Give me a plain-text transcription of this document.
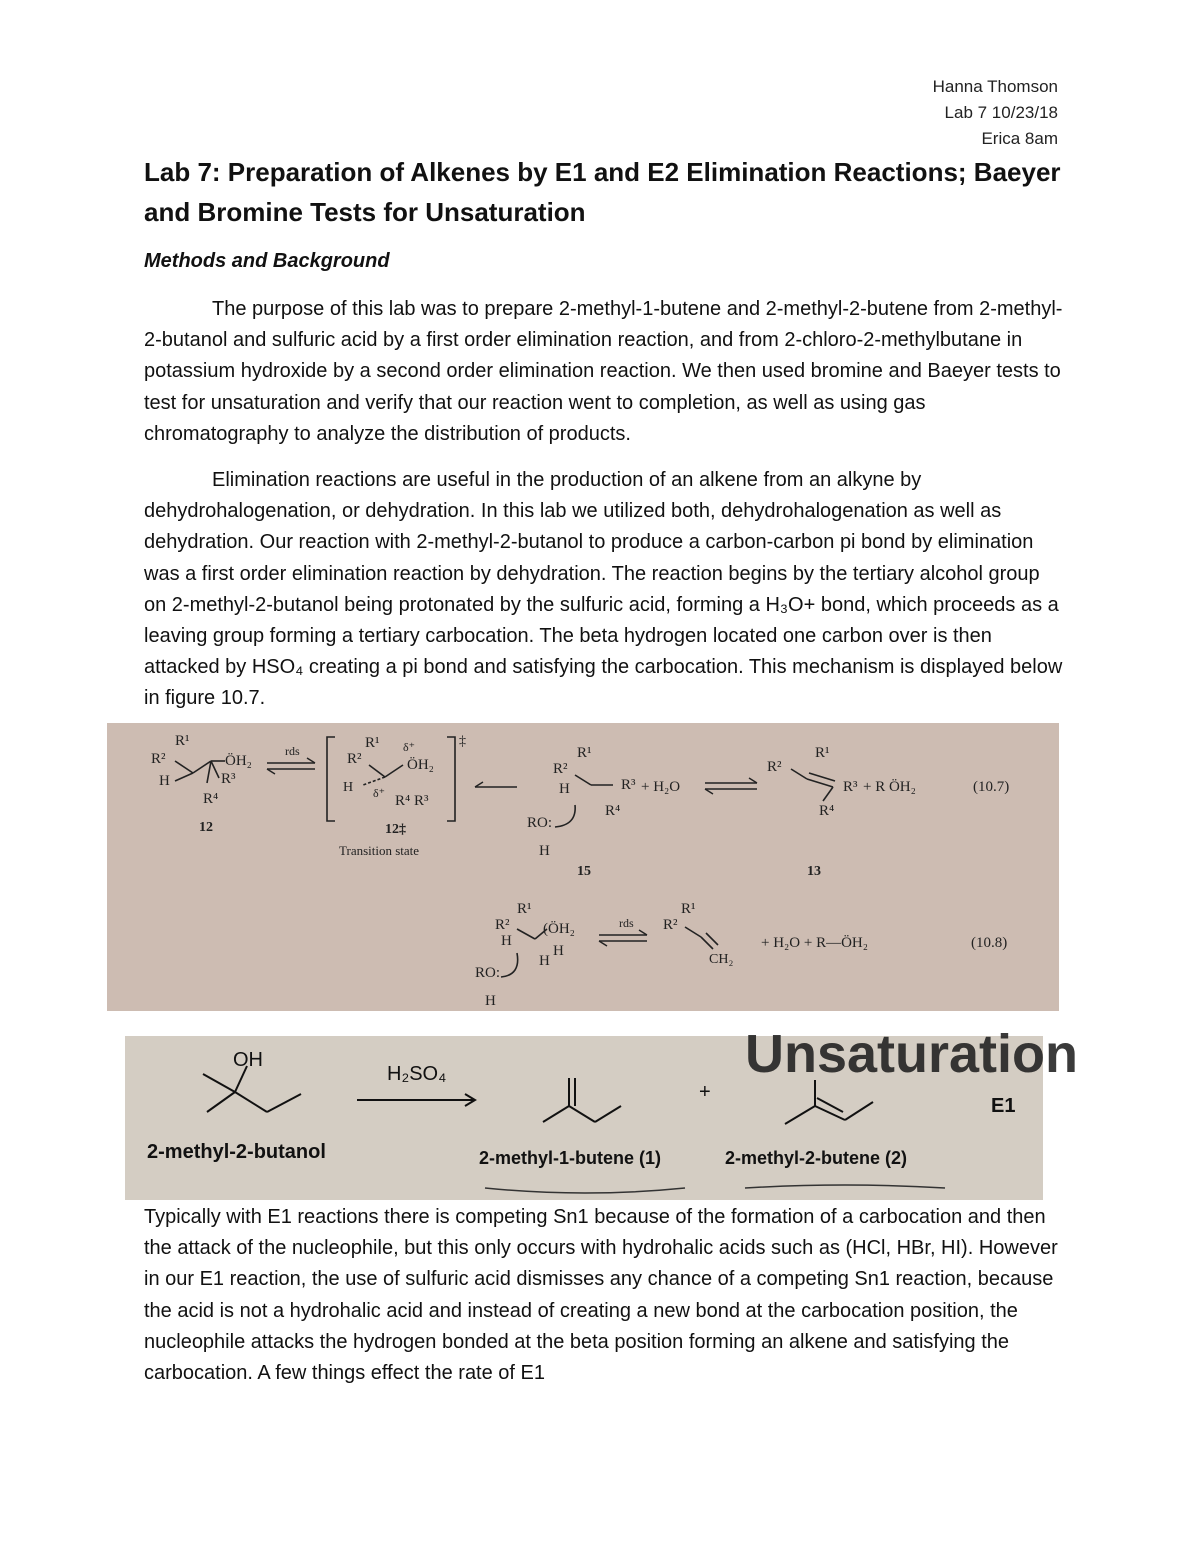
Hanna Thomson
Lab 7 10/23/18
Erica 8am
Lab 7: Preparation of Alkenes by E1 and E2 Elimination Reactions; Baeyer and Bromine Tests for Unsaturation
Methods and Background

The purpose of this lab was to prepare 2-methyl-1-butene and 2-methyl-2-butene from 2-methyl-2-butanol and sulfuric acid by a first order elimination reaction, and from 2-chloro-2-methylbutane in potassium hydroxide by a second order elimination reaction. We then used bromine and Baeyer tests to test for unsaturation and verify that our reaction went to completion, as well as using gas chromatography to analyze the distribution of products.

Elimination reactions are useful in the production of an alkene from an alkyne by dehydrohalogenation, or dehydration. In this lab we utilized both, dehydrohalogenation as well as dehydration. Our reaction with 2-methyl-2-butanol to produce a carbon-carbon pi bond by elimination was a first order elimination reaction by dehydration. The reaction begins by the tertiary alcohol group on 2-methyl-2-butanol being protonated by the sulfuric acid, forming a H₃O+ bond, which proceeds as a leaving group forming a tertiary carbocation. The beta hydrogen located one carbon over is then attacked by HSO₄ creating a pi bond and satisfying the carbocation. This mechanism is displayed below in figure 10.7.

R²
R¹
H
ÖH₂
R³
R⁴
12
rds
‡
R²
R¹
H
ÖH₂
δ⁺
δ⁺ R⁴ R³
12‡
Transition state
R¹
R²
H
R⁴
R³ + H₂O
RO:
H
15
R¹
R²
R³
R⁴
+ R ÖH₂	(10.7)
13
R¹
R²
H
(ÖH₂
H
H
rds
R¹
R²
CH₂
+ H₂O + R—ÖH₂	(10.8)
RO:
H
Unsaturation
OH
H₂SO₄
+
E1
2-methyl-2-butanol	2-methyl-1-butene (1)	2-methyl-2-butene (2)

Typically with E1 reactions there is competing Sn1 because of the formation of a carbocation and then the attack of the nucleophile, but this only occurs with hydrohalic acids such as (HCl, HBr, HI). However in our E1 reaction, the use of sulfuric acid dismisses any chance of a competing Sn1 reaction, because the acid is not a hydrohalic acid and instead of creating a new bond at the carbocation position, the nucleophile attacks the hydrogen bonded at the beta position forming an alkene and satisfying the carbocation. A few things effect the rate of E1
